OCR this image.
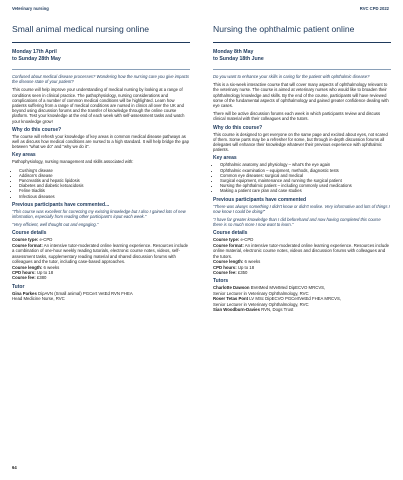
Veterinary nursing	RVC CPD 2022
Small animal medical nursing online
Monday 17th April
to Sunday 28th May

Confused about medical disease processes? Wondering how the nursing care you give impacts the disease state of your patient?

This course will help improve your understanding of medical nursing by looking at a range of conditions seen in clinical practice. The pathophysiology, nursing considerations and complications of a number of common medical conditions will be highlighted. Learn how patients suffering from a range of medical conditions are nursed in clinics all over the UK and beyond using discussion forums and the transfer of knowledge through the online course platform. Test your knowledge at the end of each week with self-assessment tasks and watch your knowledge grow!

Why do this course?

The course will refresh your knowledge of key areas in common medical disease pathways as well as discuss how medical conditions are nursed to a high standard. It will help bridge the gap between "what we do" and "why we do it".

Key areas

Pathophysiology, nursing management and skills associated with:

• Cushing's disease
• Addison's disease
• Pancreatitis and hepatic lipidosis
• Diabetes and diabetic ketoacidosis
• Feline triaditis
• Infectious diseases
Previous participants have commented...

"This course was excellent for correcting my existing knowledge but I also I gained lots of new information, especially from reading other participant's input each week."

"Very efficient, well thought out and engaging."

Course details

Course type: e-CPD

Course format: An intensive tutor-moderated online learning experience. Resources include a combination of one-hour weekly reading tutorials, electronic course notes, videos, self-assessment tasks, supplementary reading material and shared discussion forums with colleagues and the tutor, including case-based approaches.

Course length: 6 weeks

CPD hours: Up to 18

Course fee: £380

Tutor

Gina Parkes DipAVN (Small animal) PGCert VetEd RVN FHEA

Head Medicine Nurse, RVC

Nursing the ophthalmic patient online
Monday 8th May
to Sunday 18th June

Do you want to enhance your skills in caring for the patient with ophthalmic disease?

This is a six-week interactive course that will cover many aspects of ophthalmology relevant to the veterinary nurse. The course is aimed at veterinary nurses who would like to broaden their ophthalmology knowledge and skills. By the end of the course, participants will have reviewed some of the fundamental aspects of ophthalmology and gained greater confidence dealing with eye cases.

There will be active discussion forums each week in which participants review and discuss clinical material with their colleagues and the tutors.

Why do this course?

This course is designed to get everyone on the same page and excited about eyes, not scared of them. Some parts may be a refresher for some, but through in-depth discussion forums all delegates will enhance their knowledge whatever their previous experience with ophthalmic patients.

Key areas
• Ophthalmic anatomy and physiology – what's the eye again
• Ophthalmic examination – equipment, methods, diagnostic tests
• Common eye diseases: surgical and medical
• Surgical equipment, maintenance and running the surgical patient
• Nursing the ophthalmic patient – including commonly used medications
• Making a patient care plan and case studies
Previous participants have commented

"There was always something I didn't know or didn't realise. Very informative and lots of things I now know I could be doing!"

"I have far greater knowledge than I did beforehand and now having completed this course there is so much more I now want to learn."

Course details

Course type: e-CPD

Course format: An intensive tutor-moderated online learning experience. Resources include online material, electronic course notes, videos and discussion forums with colleagues and the tutors.

Course length: 6 weeks

CPD hours: Up to 18

Course fee: £350

Tutors

Charlotte Dawson BVetMed MVetMed DipECVO MRCVS,

Senior Lecturer in Veterinary Ophthalmology, RVC

Roser Tetas Pont LV MSc DipECVO PGCertVetEd FHEA MRCVS,

Senior Lecturer in Veterinary Ophthalmology, RVC

Sian Woodburn-Davies RVN, Dogs Trust

64
